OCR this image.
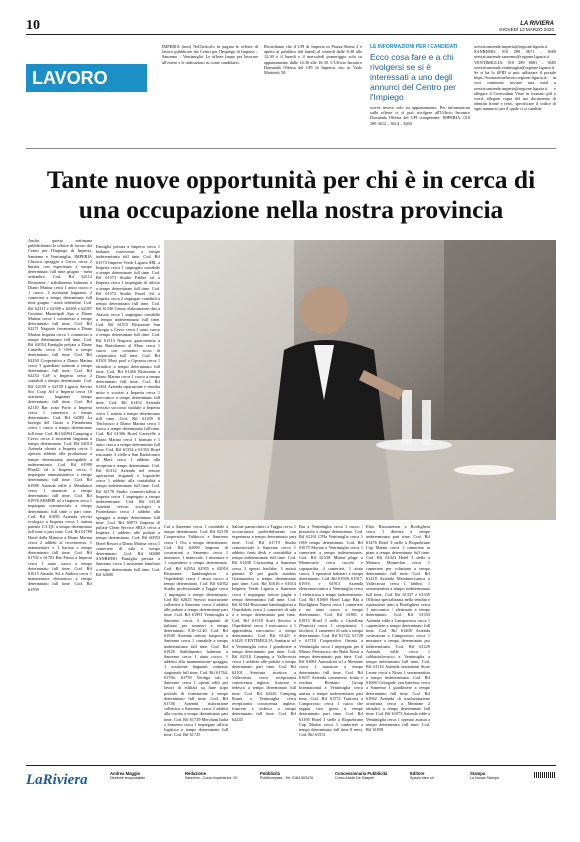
10	LA RIVIERA
GIOVEDÌ 12 MARZO 2020
LAVORO
IMPERIA (mm) Nell'articolo in pagina le offerte di lavoro pubblicate dai Centri per l'Impiego di Imperia – Sanremo – Ventimiglia. Le offerte fanno per lavorare all'estero e le indicazioni su come candidarsi.
Ricordiamo che il CPI di Imperia in Piazza Roma 2 è aperto al pubblico dal lunedì al venerdì dalle 8:30 alle 12:30 e il lunedì e il mercoledì pomeriggio solo su appuntamento dalle 14:30 alle 16:30. L'Ufficio Incontro Domanda Offerta del CPI di Imperia, sito in Viale Matteotti 50,
LE INFORMAZIONI PER I CANDIDATI
Ecco cosa fare e a chi rivolgersi se si è interessati a uno degli annunci del Centro per l'Impiego
riceve invece solo su appuntamento. Per informazioni sulle offerte ci si può rivolgere all'Ufficio Incontro Domanda Offerta del CPI competente: IMPERIA: 010 289 3612 – 3614 – 3603
servizioaziende.imperia@regione.liguria.it SANREMO: 010 289 3671 – 3669 servizioaziende.sanremo@regione.liguria.it VENTIMIGLIA: 010 289 8681 – 3685 servizioaziende.ventimiglia@regione.liguria.it. Se si ha lo SPID si può utilizzare il portale https://formazionelavoro.regione.liguria.it/ in cosi contenuto inviare una mail a servizioaziende.imperia@regione.liguria.it e allegare il Curriculum Vitae in formato pdf o word, allegare copia del tuo documento di identità fronte e retro, specificare il codice di ogni annuncio per il quale ci si candida.
Tante nuove opportunità per chi è in cerca di una occupazione nella nostra provincia
Anche questa settimana pubblichiamo le offerte di lavoro dei Centri per l'Impiego di Imperia, Sanremo e Ventimiglia. IMPERIA Chiosco spiaggia a Cervo cerca 2 barista con esperienza a tempo determinato full time giugno - metà settembre. Cod. Rif 62112 Ristorante / stabilimento balneare a Diano Marina cerca 1 aiuto cuoco e 1 cuoco, 2 assistenti bagnanti, 2 camerieri a tempo determinato full time giugno - metà settembre. Cod. Rif 62311 e 62309 e 62308 e 62307 Gestioni Municipali Spa a Diano Marina cerca 1 commesso a tempo determinato full time. Cod. Rif 62271 Negozio ferramenta a Diano Marina Imperia cerca 1 commesso a tempo determinato full time. Cod. Rif 62054 Famiglia privata a Diano Castello cerca 3 OSS a tempo determinato full time. Cod. Rif 62250 Cooperativa a Diano Marina cerca 3 guardiani notturni a tempo determinato full time. Cod. Rif 62254 CaF a Imperia cerca 2 contabili a tempo determinato. Cod. Rif 62159 e 62158 Liguria Servizi Soc Coop Arl a Imperia cerca 10 assistenti bagnanti tempo determinato full time. Cod. Rif 62110 Bar zona Porto a Imperia cerca 1 cameriera a tempo determinato. Cod. Rif 62085 La bottega del Gusto a Pietrabruna cerca 1 cuoco a tempo determinato full time. Cod. Rif 62094 Camping a Cervo cerca 2 assistenti bagnanti a tempo determinato. Cod. Rif 62013 Azienda olearia a Imperia cerca 1 operaio addetto alla produzione a tempo determinato prorogabile a indeterminato. Cod. Rif 61999 Plus42 srl a Imperia cerca 1 impiegato amministrativo a tempo determinato full time. Cod. Rif 61988 Azienda edile a Mendatica cerca 1 muratore a tempo determinato full time. Cod. Rif 61976 AEMME srl a Imperia cerca 1 impiegato commerciale a tempo determinato full time o part time. Cod. Rif 61858 Azienda servizi ecologici a Imperia cerca 1 autista patente C/CQC a tempo determinato full time o part time. Cod. Rif 61789 Hotel delle Mimose a Diano Marina cerca 2 addetti al ricevimento, 1 manutentore e 1 barista a tempo determinato full time. Cod. Rif 61782 e 61781 Bar Primo a Imperia cerca 1 aiuto cuoco a tempo determinato full time. Cod. Rif 61615 Amadei Srl a Andora cerca 1 manutentore elettronico a tempo determinato full time. Cod. Rif 61599
Famiglia privata a Imperia cerca 1 badante convivente a tempo indeterminato full time. Cod. Rif 61574 Imprese Verde Liguria SRL a Imperia cerca 1 impiegato contabile a tempo determinato full time. Cod. Rif 61573 Studio Fabbri srl a Imperia cerca 1 impiegato di ufficio a tempo determinato full time. Cod. Rif 61572 Studio Pastel Srl a Imperia cerca 2 impiegati contabili a tempo determinato full time. Cod. Rif 61540 Centro elaborazione dati a Alassio cerca 1 impiegato contabile a tempo indeterminato full time. Cod. Rif 61515 Ristorante San Giorgio a Cervo cerca 1 aiuto cuoco a tempo determinato full time. Cod. Rif 61513 Negozio gastronomia a San Bartolomeo al Mare cerca 1 cuoco con contratto socio di cooperativa full time. Cod. Rif 61501 Maxi pool a Cipressa cerca 1 idraulico a tempo determinato full time. Cod. Rif 61466 Ristorante a Diano Marina cerca 1 cuoco a tempo determinato full time. Cod. Rif 61461 Azienda riparazione e vendita moto e scooter a Imperia cerca 1 meccanico a tempo determinato full time. Cod. Rif 61452 Azienda servizio soccorso stradale a Imperia cerca 1 autista a tempo determinato full time. Cod. Rif 61439 Il Teichiosco a Diano Marina cerca 1 cuoco a tempo determinato full time. Cod. Rif 61366 Hotel Caravelle a Diano Marina cerca 1 barman e 1 aiuto cuoco a tempo determinato full time. Cod. Rif 61354 e 61353 Hotel ristorante 3 vielle a San Bartolomeo al Mare cerca 1 addetto alla reception a tempo determinato. Cod. Rif 61312 Azienda nel settore operazioni doganali e logistiche cerca 1 addetto alla contabilità a tempo indeterminato full time. Cod. Rif 61178 Studio commercialista a Imperia cerca 1 impiegato a tempo indeterminato. Cod. Rif 61140 Azienda servizi ecologici a Pontedassio cerca 1 addetto alla spiaggia a tempo determinato full time. Cod. Rif 60973 Impresa di pulizie Clean Service SRLS cerca a Imperia 1 addetto alle pulizie a tempo determinato. Cod. Rif 60953 Hotel Resort a Diano Marina cerca 1 cameriere di sala a tempo determinato. Cod. Rif 60480 SANREMO Famiglia privata a Sanremo cerca 1 assistente familiare a tempo determinato full time. Cod. Rif 62600
Caf a Sanremo cerca 1 contabile a tempo determinato. Cod. Rif 62158 Cooperativa Valdocco a Sanremo cerca 1 Oss a tempo determinato. Cod. Rif 62069 Impresa di costruzioni a Sanremo cerca 1 muratore, 1 manovale, 1 muratore e 1 carpentiere a tempo determinato. Cod. Rif 62954 62955 e 62954 Ristorante hamburgheria a Ospedaletti cerca 1 aiuto cuoco a tempo determinato. Cod. Rif 62052 Studio professionale a Taggia cerca 1 impiegato a tempo determinato. Cod Rif 62023 Servizi ristorazione collettiva a Sanremo cerca 2 addetti alle pulizie a tempo determinato part time. Cod. Rif 61991 Ventimiglia a Sanremo cerca 3 insegnanti di italiano per stranieri a tempo determinato 8.30-12.40. Cod. Rif 61948 Azienda settore trasporti a Sanremo cerca 1 contabile a tempo indeterminato full time. Cod. Rif 61828 Stabilimento balneare a Sanremo cerca 1 aiuto cuoco, 1 addetto alla manutenzione spiaggia, 1 assistente bagnanti contratto stagionale full time. Cod. Rif 61764, 61766, 61759 Verdiga srls a Sanremo cerca 1 operai edili per lavori di edilizia su fune stipo periodo di formazione a tempo determinato full time. Cod. Rif 61746 Azienda ristorazione collettiva a Sanremo cerca 2 addetti alla cucina a tempo determinato part time. Cod. Rif 61729 Merchant Italia a Sanremo cerca 1 impiegato ufficio logistica a tempo determinato full time. Cod. Rif 61725
Salone parrucchieri a Taggia cerca 1 acconciatore preferibilmente con esperienza a tempo determinato part time. Cod. Rif 61719 Studio commerciale a Sanremo cerca 1 addetto front desk e contabilità a tempo indeterminato full time. Cod. Rif 61638 Citytouring a Sanremo cerca 3 operai fotolabe, 3 autisti patente D per guida autobus Granturismo a tempo determinato part time. Cod. Rif 61616 e 61614 Impresa Verde Liguria a Sanremo cerca 1 impiegato settore paghe a tempo determinato full time. Cod. Rif 61544 Ristorante hamburgheria a Ospedaletti cerca 2 camerieri di sala a a tempo determinato part time. Cod. Rif 61518 Scafi Service a Ospedaletti cerca 1 meccanico e 1 apprendista meccanico a tempo determinato. Cod. Rif 61421 e 61420 VENTIMIGLIA Sanitaria srl a Ventimiglia cerca 1 giardiniere a tempo determinato part time. Cod. Rif 62310 Camping a Vallecrosia cerca 1 addetto alle pulizie a tempo determinato part time. Cod. Rif 62101 Struttura ricettiva a Vallecrosia cerca receptionist conoscenza inglese, francese e tedesco a tempo determinato full time. Cod. Rif 62246 Camping Roma a Ventimiglia cerca receptionist conoscenza inglese, francese e tedesco a tempo determinato full time. Cod. Rif 62245
Bar a Ventimiglia cerca 1 cuoco / pizzaiolo a tempo determinato. Cod. Rif 62161 CPIa Ventimiglia cerca 1 OSS tempo determinato. Cod. Rif 61675 Mortax a Ventimiglia cerca 1 cameriere a tempo indeterminato. Cod. Rif 61538 Miami plage a Montecarlo cerca cuochi e capopartita, 4 camerieri, 1 aiuto cuoco, 3 operatori balneari a tempo determinato. Cod. Rif 61930, 61917, 61916 e 61913 Azienda elettromeccanica a Ventimiglia cerca 1 elettricista a tempo indeterminato. Cod. Rif 61869 Hotel Lago Blu a Bordighera Nuova cerca 1 cameriere e un aiuto cuoco a tempo determinato. Cod. Rif 61801 e 61815 Hotel 3 stelle a Castellino (Francia) cerca 1 receptionist, 1 facchini, 2 camerieri di sala a tempo determinato. Cod. Rif 61722, 61728 e 61718 Cooperativa Omnia a Ventimiglia cerca 1 impiegato per il Museo Preistorico dei Balzi Rossi a tempo determinato part time. Cod. Rif 61681 Autosalotti srl a Mentone cerca 1 muratore a tempo determinato full time. Cod. Rif 61657 Azienda commercio frutta e verdura Bordano Group International a Ventimiglia cerca autista a tempo indeterminato part time. Cod. Rif 61572 Trattoria a Camporosso cerca 1 cuoco che sappia fare pizza a tempo determinato part time. Cod. Rif 61395 Hotel 3 stelle a Roquebrune Cap Martin cerca 1 cameriere a tempo determinato full time 8 mesi. Cod. Rif 61551
Elior Ristorazione a Bordighera cerca 1 dietista a tempo indeterminato part time. Cod. Rif 61476 Hotel 3 stelle a Roquebrune Cap Martin cerca 1 cameriere ai piani a tempo determinato full time. Cod. Rif 61423 Hotel 3 stelle a Monaco Monteclou cerca 1 cameriere per colazione a tempo determinato full time. Cod. Rif 61418 Azienda Metalmeccanica a Vallecrosia cerca 1 fabbro, 1 serramentista a tempo indeterminato full time. Cod. Rif 61337 e 61335 Officina specializzata nella vendita e riparazione auto a Bordighera cerca 1 meccanico / elettrauto a tempo determinato. Cod. Rif 61333 Azienda edile a Camporosso cerca 1 carpentiere a tempo determinato full time. Cod. Rif 61268 Azienda costruzioni a Camporosso cerca 1 muratore a tempo determinato poi indeterminato. Cod. Rif 61229 Azienda edile cerca 1 caldaista/tecnico a Ventimiglia a tempo determinato full time. Cod. Rif 61116 Azienda serramenti Store Leone cerca a Nizza 1 serramentista a tempo indeterminato. Cod. Rif 61066 Coltogade van banchus cerca a Sanremo 1 giardiniere a tempo determinato full time. Cod. Rif 61062 Azienda di trasformazione ortofrutta cerca a Mentone 2 idraulici a tempo determinato full time. Cod. Rif 61073 Azienda edile a Ventimiglia cerca 1 operaio autista a tempo determinato full time. Cod. Rif 61058
LaRiviera	Andrea Maggio
Direttore responsabile
Redazione
Sanremo - Corso Imperatrice, 20
Pubblicità
Publikompass - Tel. 0184 503476
Concessionaria Pubblicità
Corso Alcide De Gasperi
Editore
Spazio Idee srl
Stampa
La Nuova Stampa
